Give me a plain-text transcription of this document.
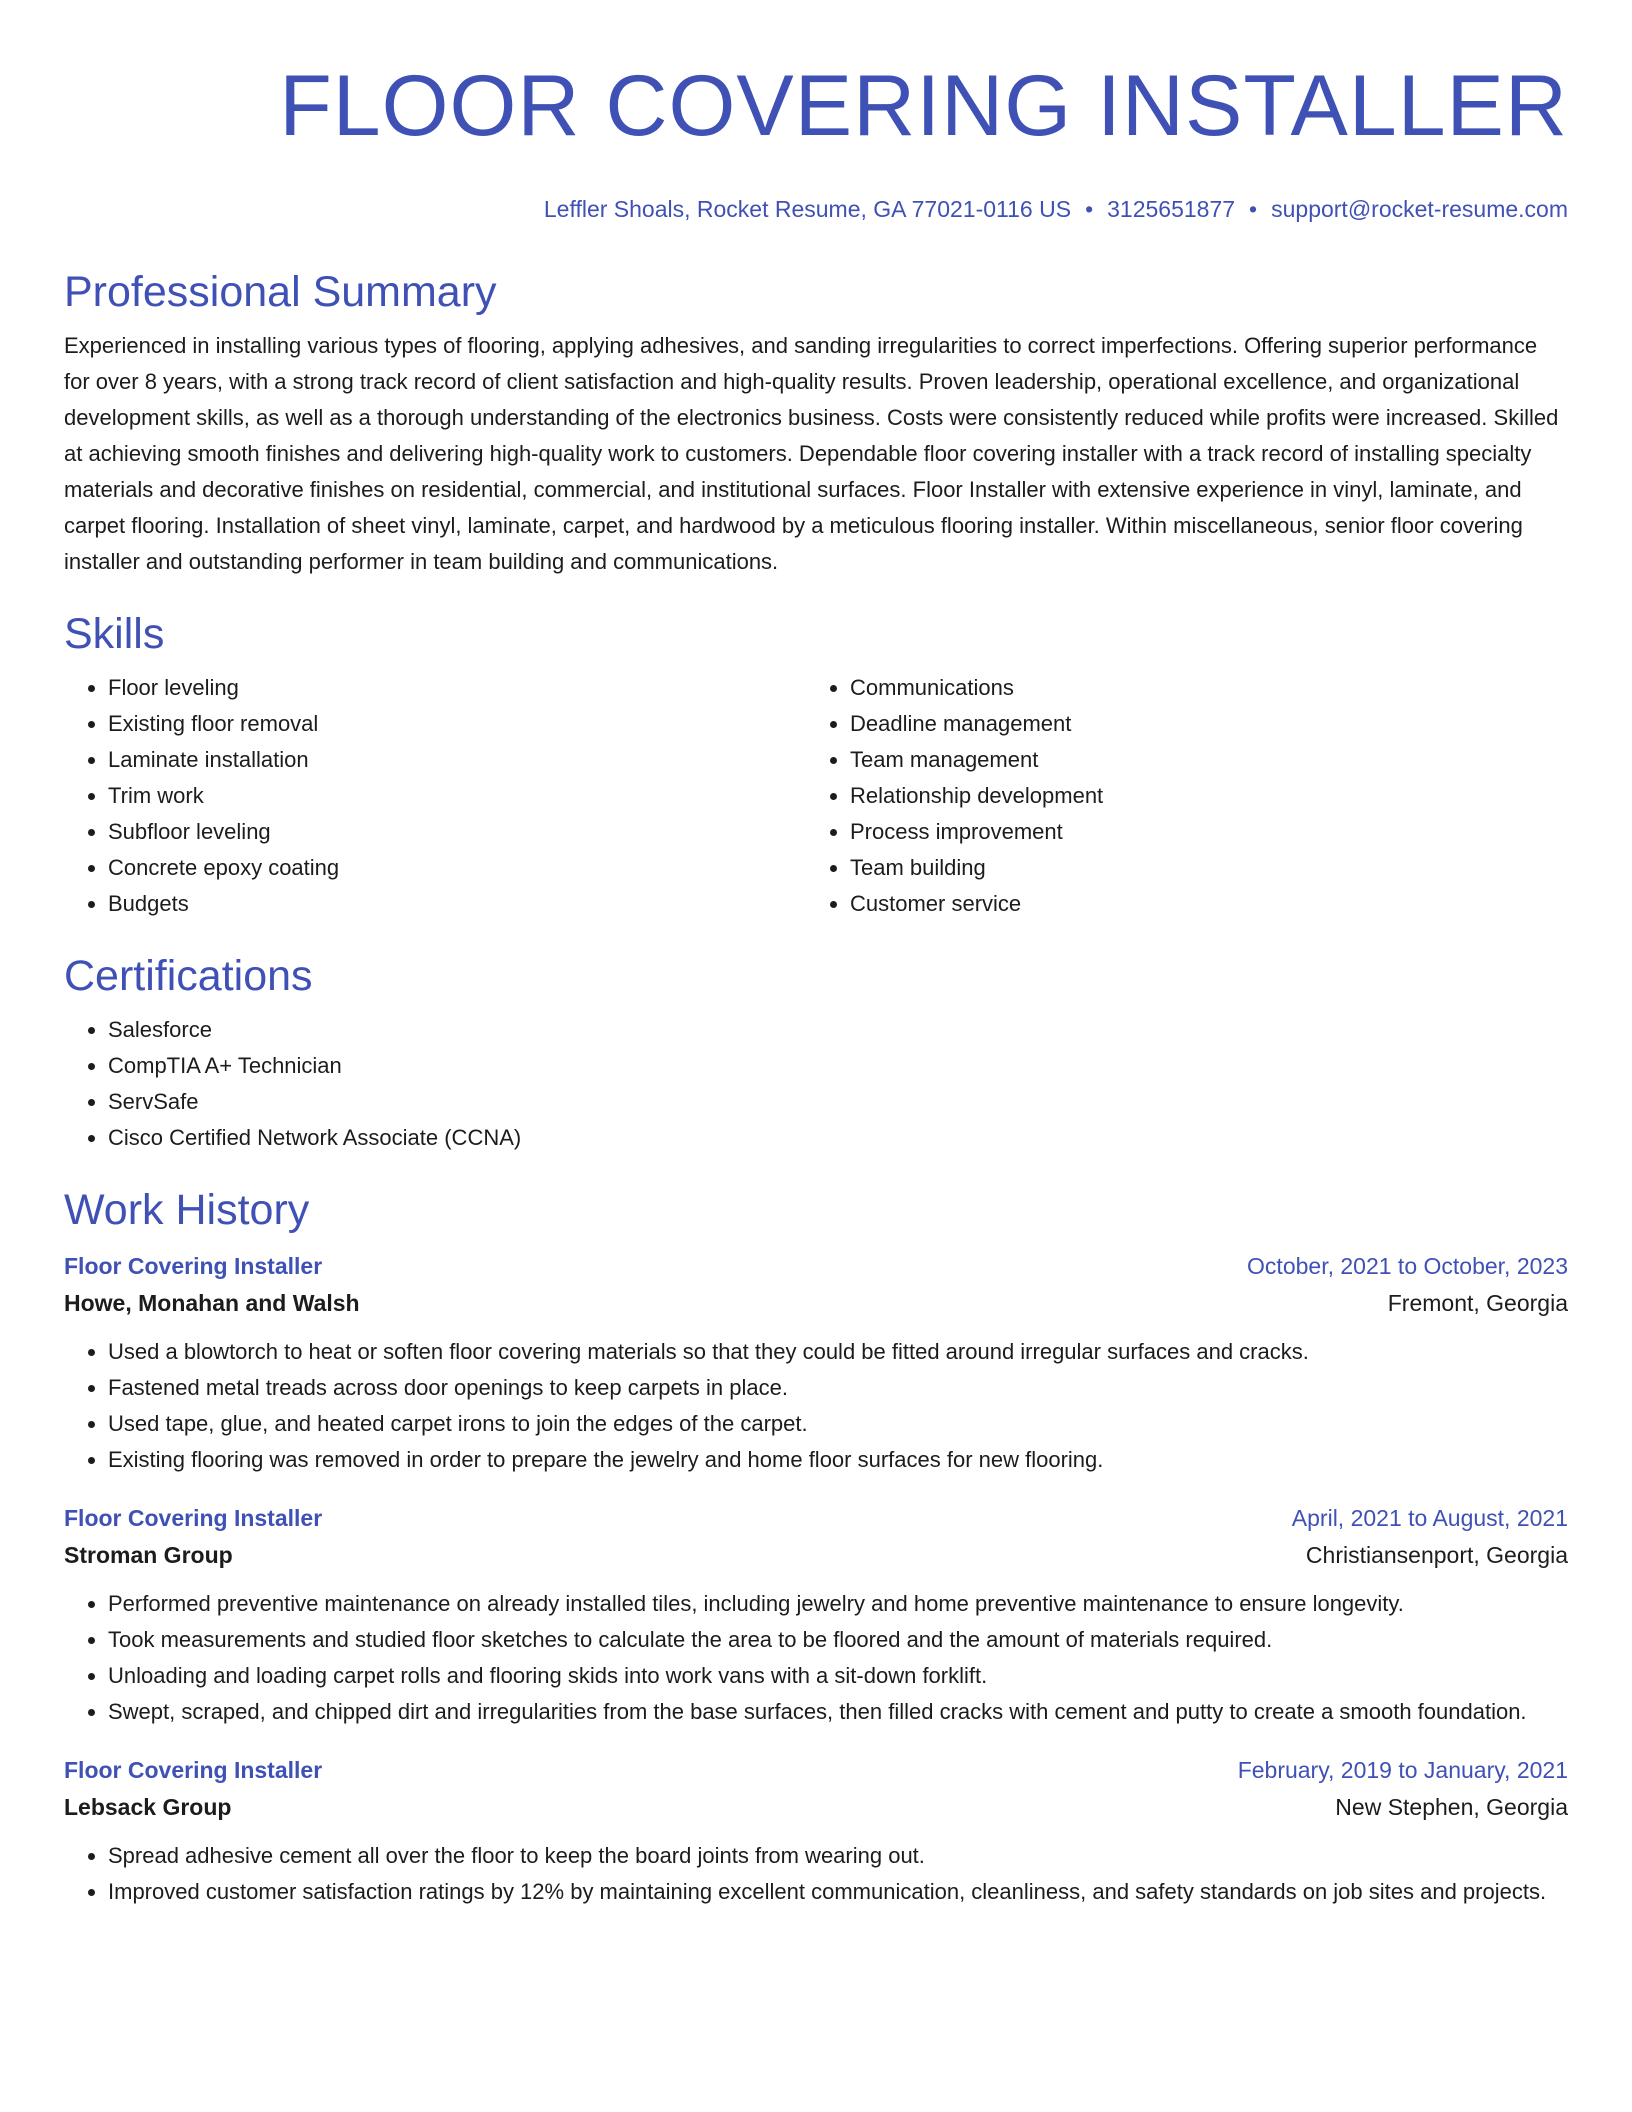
FLOOR COVERING INSTALLER
Leffler Shoals, Rocket Resume, GA 77021-0116 US • 3125651877 • support@rocket-resume.com
Professional Summary
Experienced in installing various types of flooring, applying adhesives, and sanding irregularities to correct imperfections. Offering superior performance for over 8 years, with a strong track record of client satisfaction and high-quality results. Proven leadership, operational excellence, and organizational development skills, as well as a thorough understanding of the electronics business. Costs were consistently reduced while profits were increased. Skilled at achieving smooth finishes and delivering high-quality work to customers. Dependable floor covering installer with a track record of installing specialty materials and decorative finishes on residential, commercial, and institutional surfaces. Floor Installer with extensive experience in vinyl, laminate, and carpet flooring. Installation of sheet vinyl, laminate, carpet, and hardwood by a meticulous flooring installer. Within miscellaneous, senior floor covering installer and outstanding performer in team building and communications.
Skills
• Floor leveling
• Existing floor removal
• Laminate installation
• Trim work
• Subfloor leveling
• Concrete epoxy coating
• Budgets
• Communications
• Deadline management
• Team management
• Relationship development
• Process improvement
• Team building
• Customer service
Certifications
• Salesforce
• CompTIA A+ Technician
• ServSafe
• Cisco Certified Network Associate (CCNA)
Work History
Floor Covering Installer	October, 2021 to October, 2023
Howe, Monahan and Walsh	Fremont, Georgia
• Used a blowtorch to heat or soften floor covering materials so that they could be fitted around irregular surfaces and cracks.
• Fastened metal treads across door openings to keep carpets in place.
• Used tape, glue, and heated carpet irons to join the edges of the carpet.
• Existing flooring was removed in order to prepare the jewelry and home floor surfaces for new flooring.
Floor Covering Installer	April, 2021 to August, 2021
Stroman Group	Christiansenport, Georgia
• Performed preventive maintenance on already installed tiles, including jewelry and home preventive maintenance to ensure longevity.
• Took measurements and studied floor sketches to calculate the area to be floored and the amount of materials required.
• Unloading and loading carpet rolls and flooring skids into work vans with a sit-down forklift.
• Swept, scraped, and chipped dirt and irregularities from the base surfaces, then filled cracks with cement and putty to create a smooth foundation.
Floor Covering Installer	February, 2019 to January, 2021
Lebsack Group	New Stephen, Georgia
• Spread adhesive cement all over the floor to keep the board joints from wearing out.
• Improved customer satisfaction ratings by 12% by maintaining excellent communication, cleanliness, and safety standards on job sites and projects.
